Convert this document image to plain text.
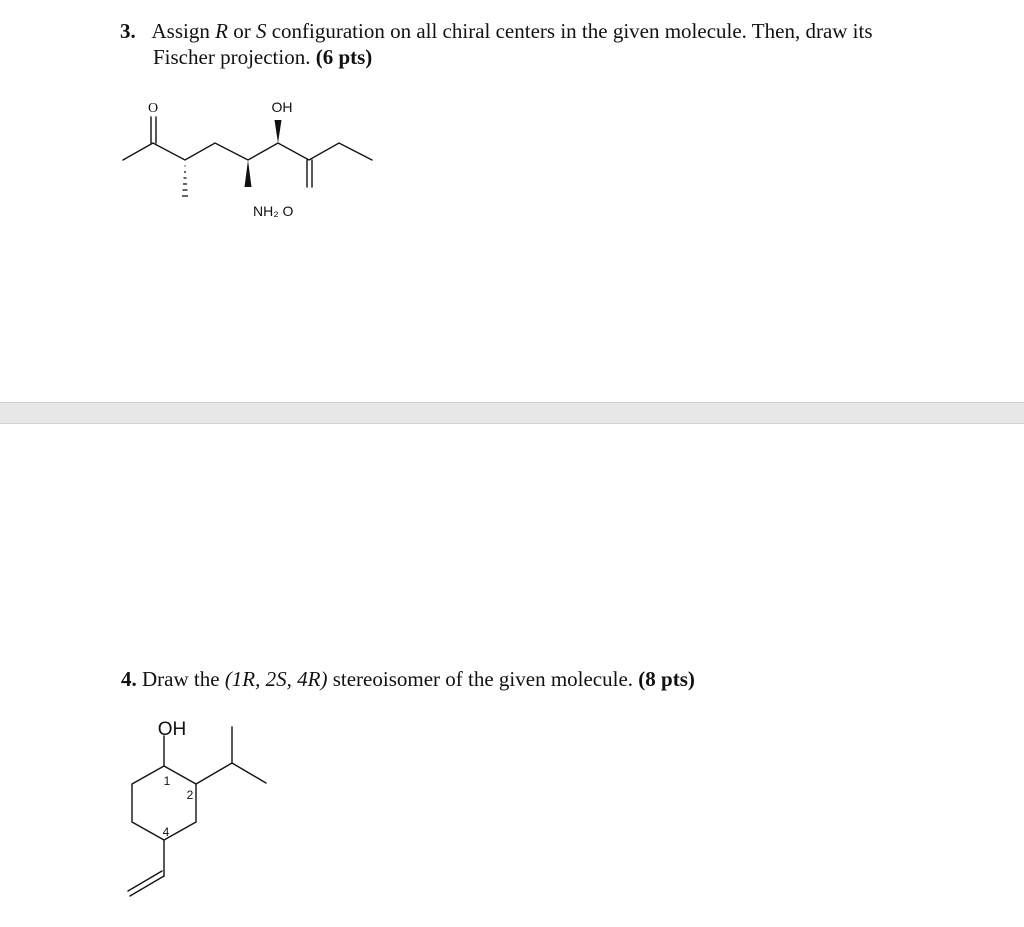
3. Assign R or S configuration on all chiral centers in the given molecule. Then, draw its

Fischer projection. (6 pts)

O	OH
NH₂ O

4. Draw the (1R, 2S, 4R) stereoisomer of the given molecule. (8 pts)

OH
1
2
4
